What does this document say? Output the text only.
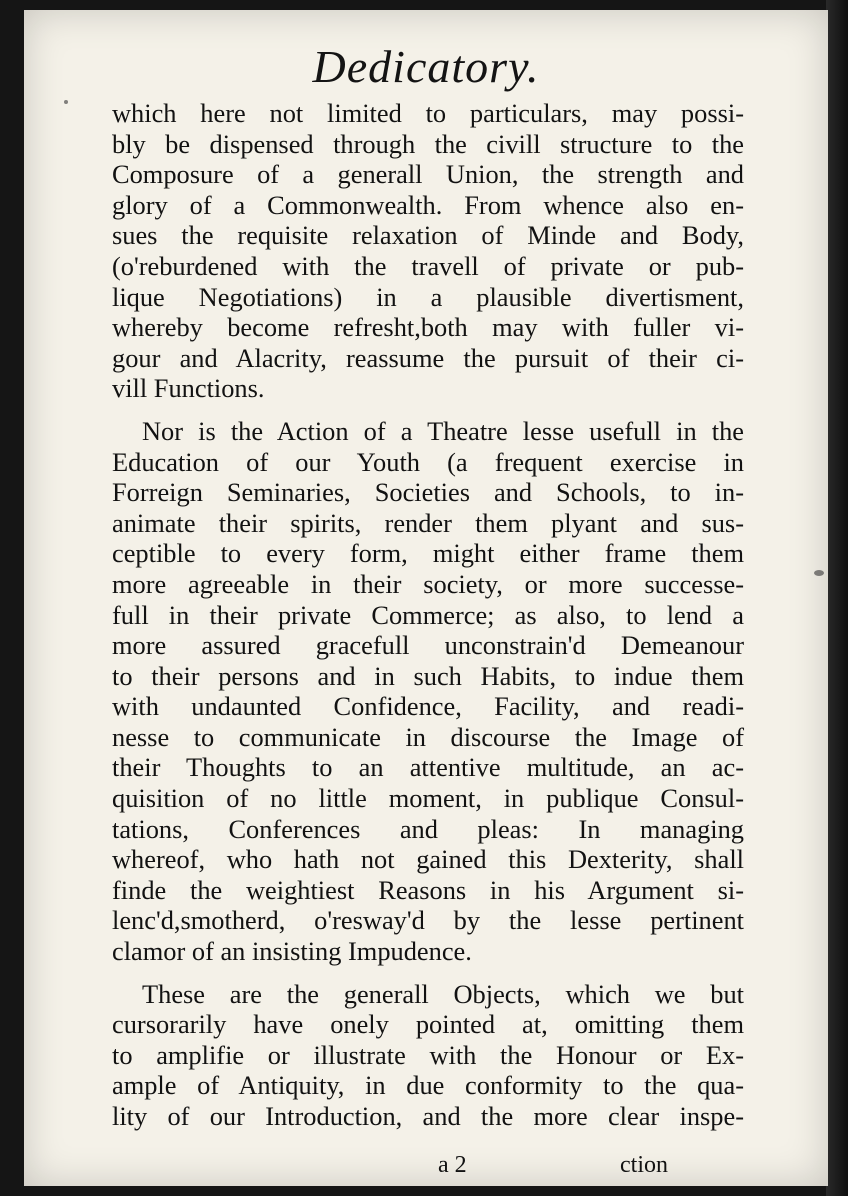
Dedicatory.
which here not limited to particulars, may possi-
bly be dispensed through the civill structure to the
Composure of a generall Union, the strength and
glory of a Commonwealth. From whence also en-
sues the requisite relaxation of Minde and Body,
(o'reburdened with the travell of private or pub-
lique Negotiations) in a plausible divertisment,
whereby become refresht,both may with fuller vi-
gour and Alacrity, reassume the pursuit of their ci-
vill Functions.
Nor is the Action of a Theatre lesse usefull in the
Education of our Youth (a frequent exercise in
Forreign Seminaries, Societies and Schools, to in-
animate their spirits, render them plyant and sus-
ceptible to every form, might either frame them
more agreeable in their society, or more successe-
full in their private Commerce; as also, to lend a
more assured gracefull unconstrain'd Demeanour
to their persons and in such Habits, to indue them
with undaunted Confidence, Facility, and readi-
nesse to communicate in discourse the Image of
their Thoughts to an attentive multitude, an ac-
quisition of no little moment, in publique Consul-
tations, Conferences and pleas: In managing
whereof, who hath not gained this Dexterity, shall
finde the weightiest Reasons in his Argument si-
lenc'd,smotherd, o'resway'd by the lesse pertinent
clamor of an insisting Impudence.
These are the generall Objects, which we but
cursorarily have onely pointed at, omitting them
to amplifie or illustrate with the Honour or Ex-
ample of Antiquity, in due conformity to the qua-
lity of our Introduction, and the more clear inspe-
a 2	ction
